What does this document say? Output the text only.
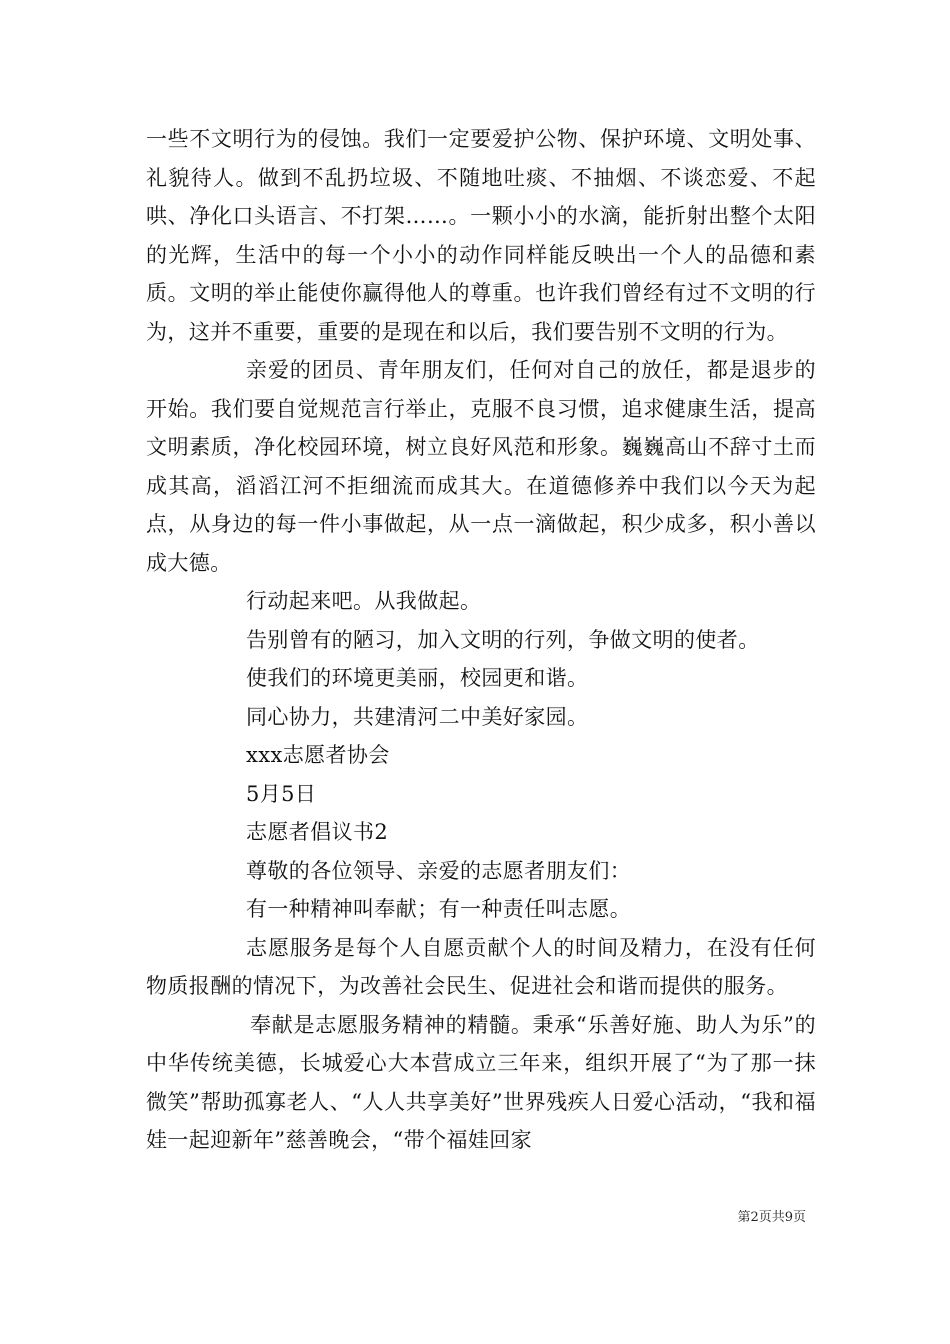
一些不文明行为的侵蚀。我们一定要爱护公物、保护环境、文明处事、礼貌待人。做到不乱扔垃圾、不随地吐痰、不抽烟、不谈恋爱、不起哄、净化口头语言、不打架……。一颗小小的水滴，能折射出整个太阳的光辉，生活中的每一个小小的动作同样能反映出一个人的品德和素质。文明的举止能使你赢得他人的尊重。也许我们曾经有过不文明的行为，这并不重要，重要的是现在和以后，我们要告别不文明的行为。

亲爱的团员、青年朋友们，任何对自己的放任，都是退步的开始。我们要自觉规范言行举止，克服不良习惯，追求健康生活，提高文明素质，净化校园环境，树立良好风范和形象。巍巍高山不辞寸土而成其高，滔滔江河不拒细流而成其大。在道德修养中我们以今天为起点，从身边的每一件小事做起，从一点一滴做起，积少成多，积小善以成大德。

行动起来吧。从我做起。

告别曾有的陋习，加入文明的行列，争做文明的使者。

使我们的环境更美丽，校园更和谐。

同心协力，共建清河二中美好家园。

xxx志愿者协会

5月5日

志愿者倡议书2

尊敬的各位领导、亲爱的志愿者朋友们：

有一种精神叫奉献；有一种责任叫志愿。

志愿服务是每个人自愿贡献个人的时间及精力，在没有任何物质报酬的情况下，为改善社会民生、促进社会和谐而提供的服务。

奉献是志愿服务精神的精髓。秉承“乐善好施、助人为乐”的中华传统美德，长城爱心大本营成立三年来，组织开展了“为了那一抹微笑”帮助孤寡老人、“人人共享美好”世界残疾人日爱心活动，“我和福娃一起迎新年”慈善晚会，“带个福娃回家

第2页共9页
